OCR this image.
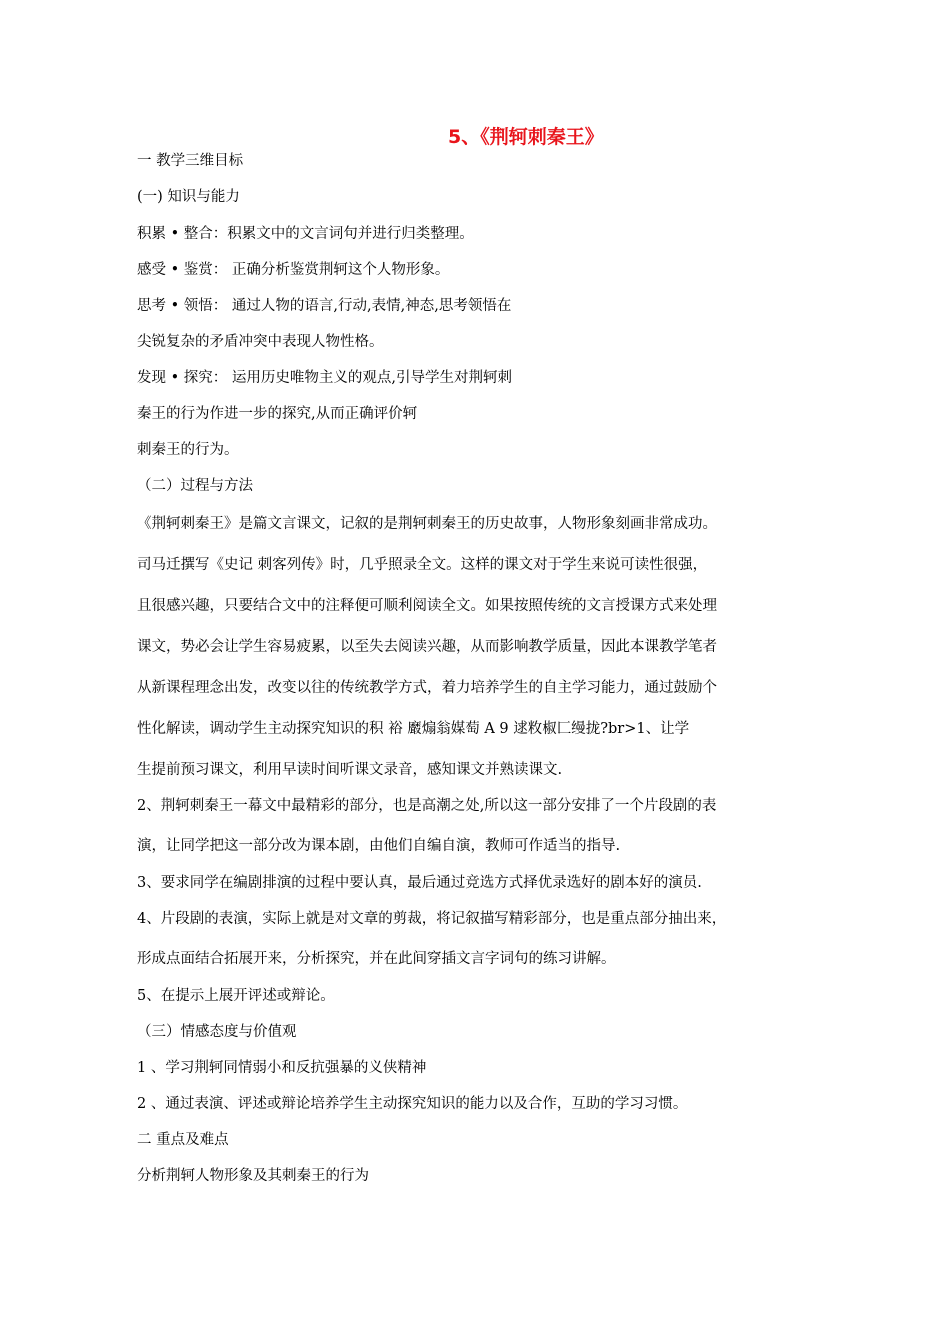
5、《荆轲刺秦王》
一 教学三维目标
(一) 知识与能力
积累 • 整合：积累文中的文言词句并进行归类整理。
感受 • 鉴赏： 正确分析鉴赏荆轲这个人物形象。
思考 • 领悟： 通过人物的语言,行动,表情,神态,思考领悟在
尖锐复杂的矛盾冲突中表现人物性格。
发现 • 探究： 运用历史唯物主义的观点,引导学生对荆轲刺
秦王的行为作进一步的探究,从而正确评价轲
刺秦王的行为。
（二）过程与方法
《荆轲刺秦王》是篇文言课文，记叙的是荆轲刺秦王的历史故事，人物形象刻画非常成功。
司马迁撰写《史记 刺客列传》时，几乎照录全文。这样的课文对于学生来说可读性很强，
且很感兴趣，只要结合文中的注释便可顺利阅读全文。如果按照传统的文言授课方式来处理
课文，势必会让学生容易疲累，以至失去阅读兴趣，从而影响教学质量，因此本课教学笔者
从新课程理念出发，改变以往的传统教学方式，着力培养学生的自主学习能力，通过鼓励个
性化解读，调动学生主动探究知识的积 裕 黀煽翁媒萄 A 9 逑敉椒匚缦拢?br>1、让学
生提前预习课文，利用早读时间听课文录音，感知课文并熟读课文.
2、荆轲刺秦王一幕文中最精彩的部分，也是高潮之处,所以这一部分安排了一个片段剧的表
演，让同学把这一部分改为课本剧，由他们自编自演，教师可作适当的指导.
3、要求同学在编剧排演的过程中要认真，最后通过竞选方式择优录选好的剧本好的演员.
4、片段剧的表演，实际上就是对文章的剪裁，将记叙描写精彩部分，也是重点部分抽出来，
形成点面结合拓展开来，分析探究，并在此间穿插文言字词句的练习讲解。
5、在提示上展开评述或辩论。
（三）情感态度与价值观
1 、学习荆轲同情弱小和反抗强暴的义侠精神
2 、通过表演、评述或辩论培养学生主动探究知识的能力以及合作，互助的学习习惯。
二 重点及难点
分析荆轲人物形象及其刺秦王的行为
